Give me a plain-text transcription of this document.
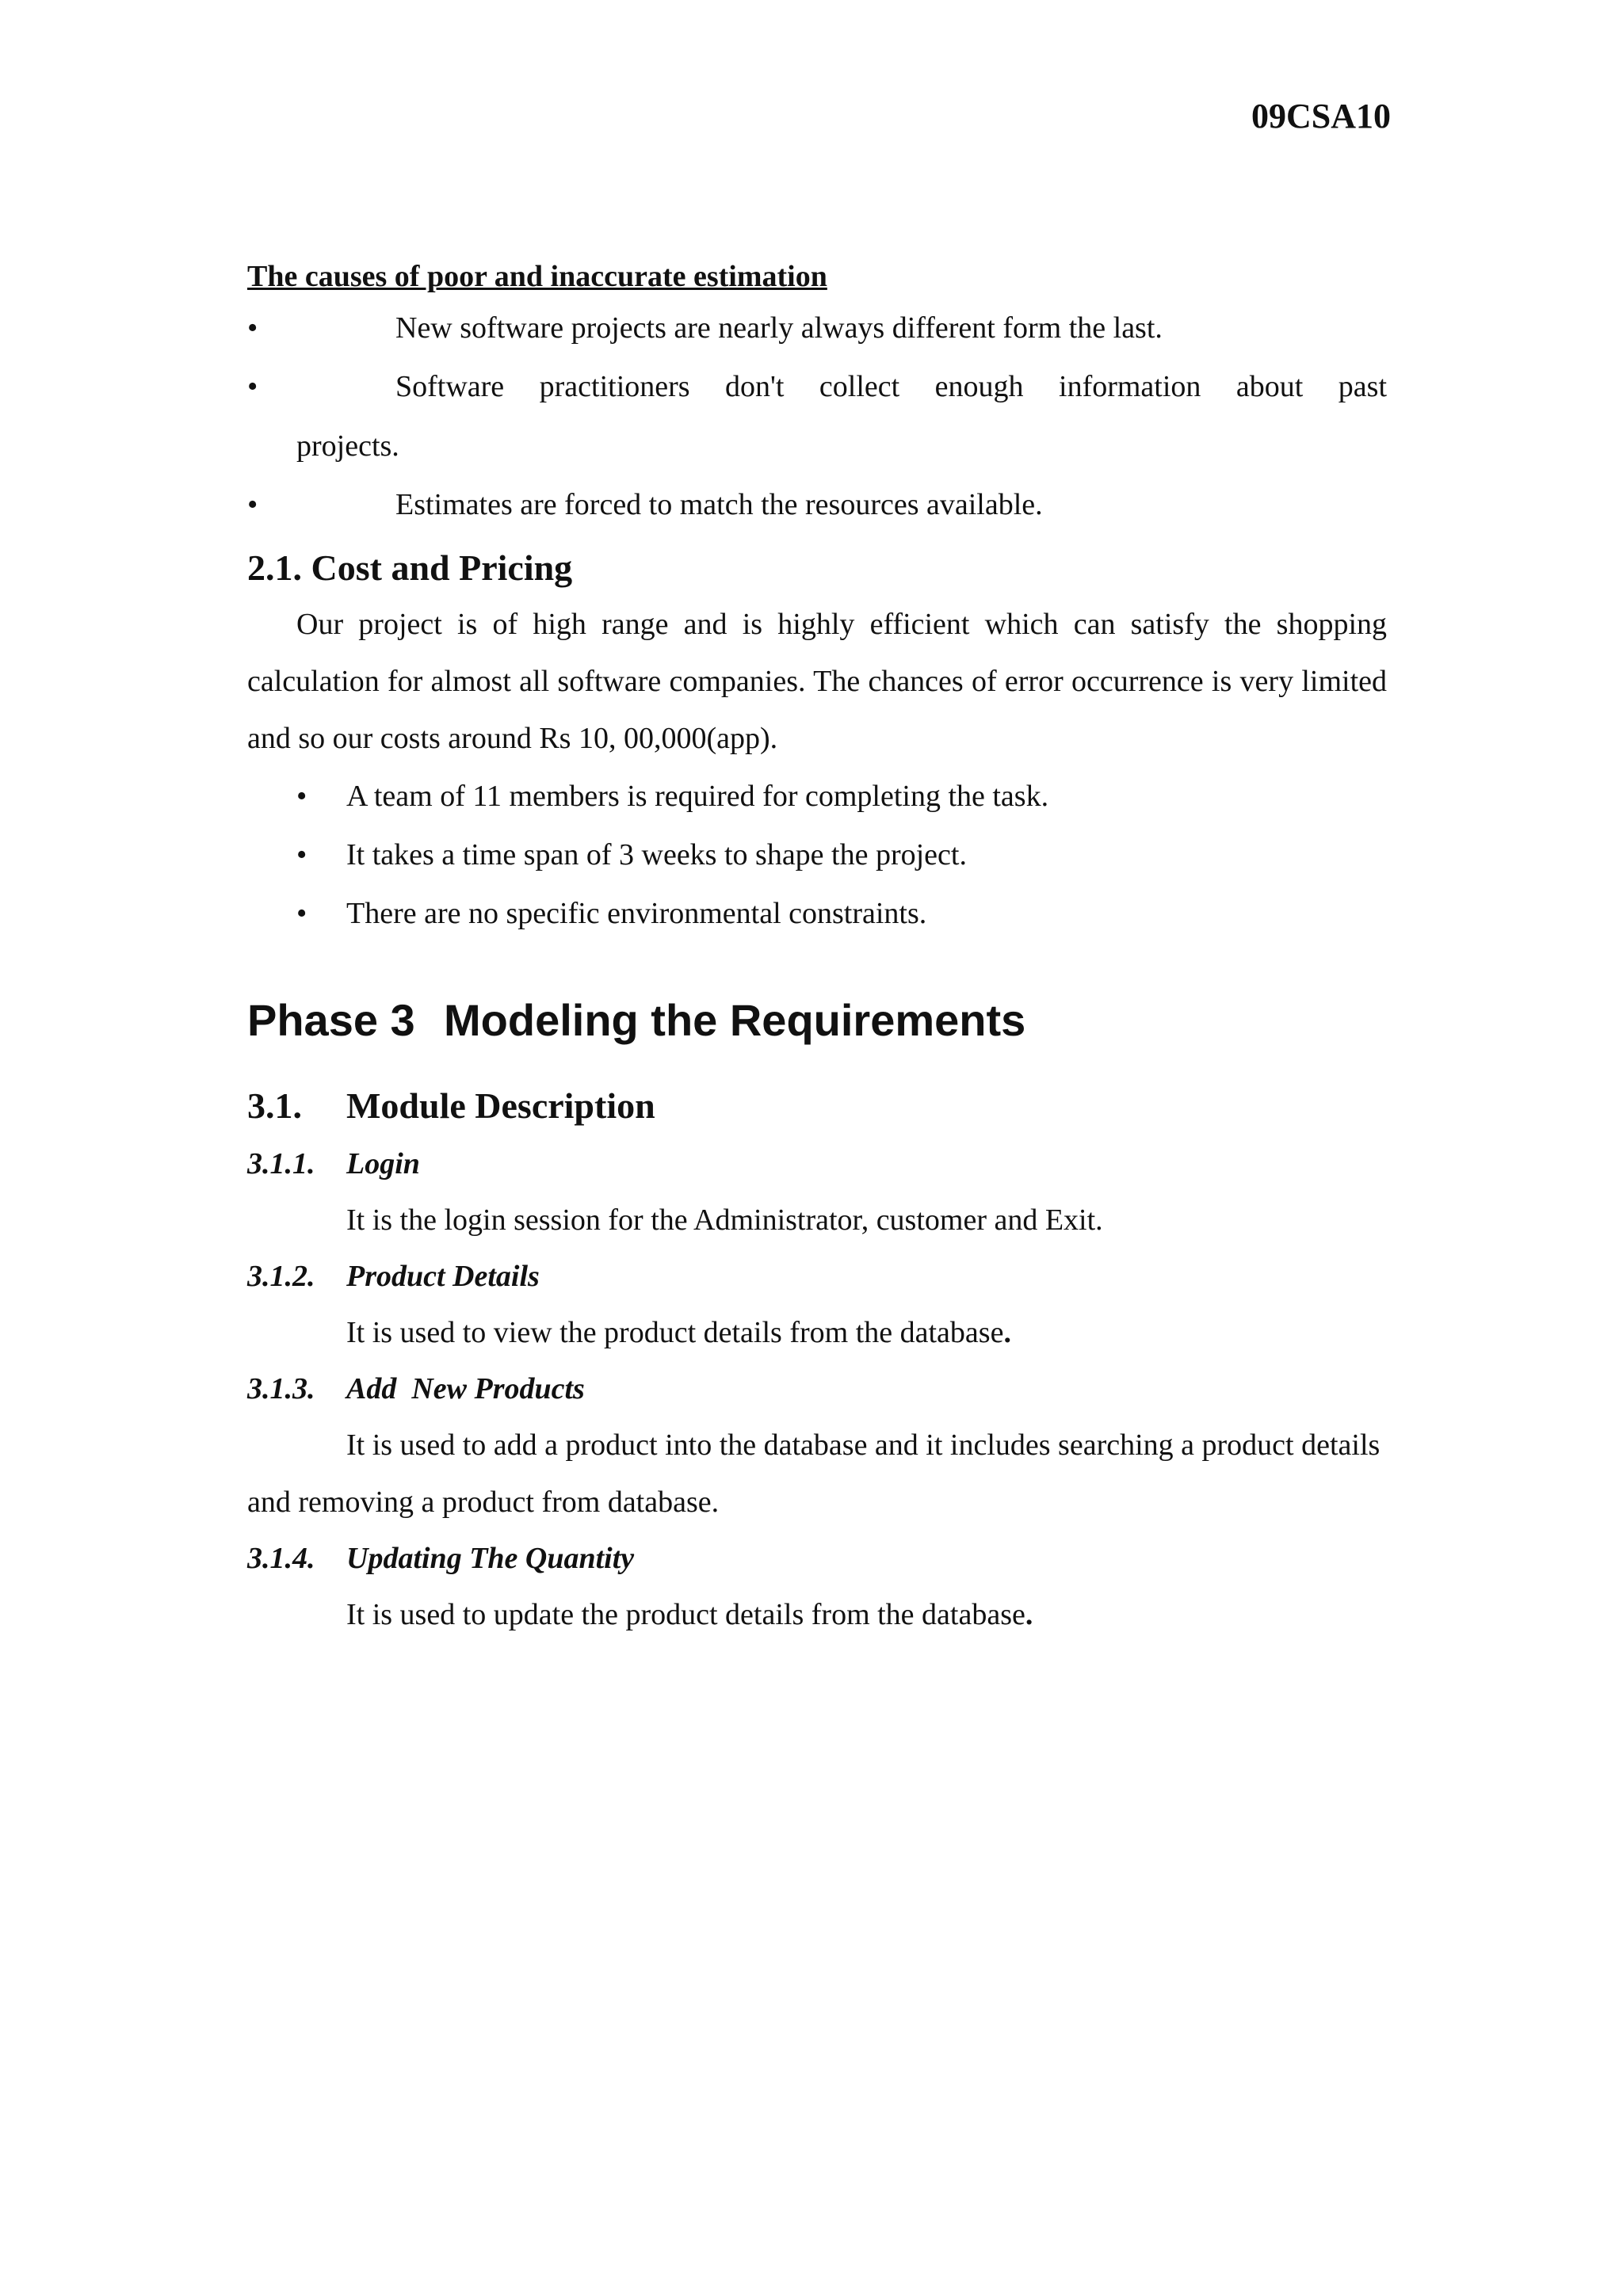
09CSA10
The causes of poor and inaccurate estimation
•	New software projects are nearly always different form the last.
•	Software practitioners don't collect enough information about past
projects.
•	Estimates are forced to match the resources available.
2.1. Cost and Pricing

Our project is of high range and is highly efficient which can satisfy the shopping calculation for almost all software companies. The chances of error occurrence is very limited and so our costs around Rs 10, 00,000(app).

• A team of 11 members is required for completing the task.
• It takes a time span of 3 weeks to shape the project.
• There are no specific environmental constraints.
Phase 3 Modeling the Requirements
3.1. Module Description
3.1.1. Login

It is the login session for the Administrator, customer and Exit.

3.1.2. Product Details

It is used to view the product details from the database.

3.1.3. Add  New Products

It is used to add a product into the database and it includes searching a product details and removing a product from database.

3.1.4. Updating The Quantity

It is used to update the product details from the database.
